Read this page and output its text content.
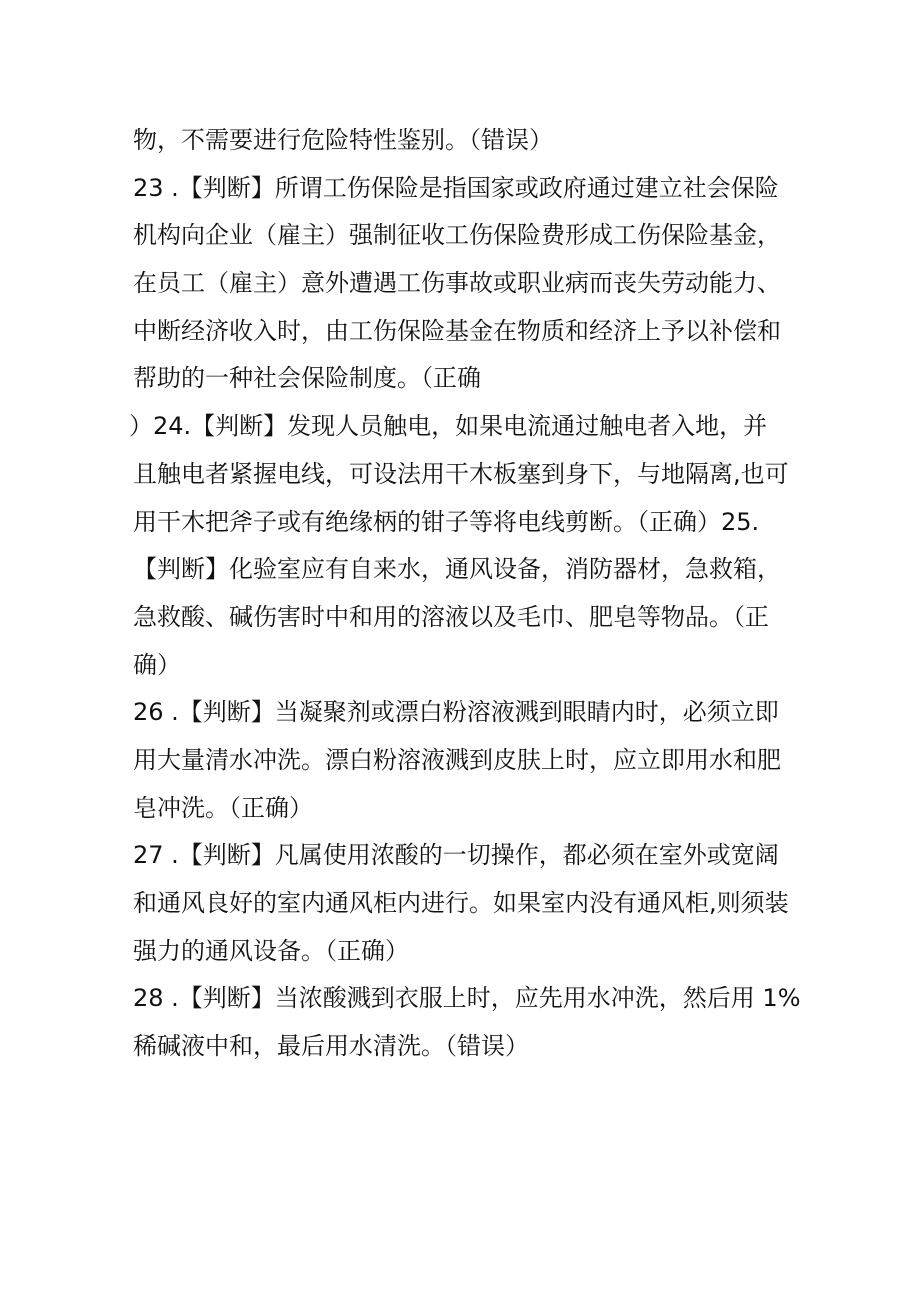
物，不需要进行危险特性鉴别。（错误）
23 .【判断】所谓工伤保险是指国家或政府通过建立社会保险
机构向企业（雇主）强制征收工伤保险费形成工伤保险基金，
在员工（雇主）意外遭遇工伤事故或职业病而丧失劳动能力、
中断经济收入时，由工伤保险基金在物质和经济上予以补偿和
帮助的一种社会保险制度。（正确
）24.【判断】发现人员触电，如果电流通过触电者入地，并
且触电者紧握电线，可设法用干木板塞到身下，与地隔离,也可
用干木把斧子或有绝缘柄的钳子等将电线剪断。（正确）25.
【判断】化验室应有自来水，通风设备，消防器材，急救箱，
急救酸、碱伤害时中和用的溶液以及毛巾、肥皂等物品。（正
确）
26 .【判断】当凝聚剂或漂白粉溶液溅到眼睛内时，必须立即
用大量清水冲洗。漂白粉溶液溅到皮肤上时，应立即用水和肥
皂冲洗。（正确）
27 .【判断】凡属使用浓酸的一切操作，都必须在室外或宽阔
和通风良好的室内通风柜内进行。如果室内没有通风柜,则须装
强力的通风设备。（正确）
28 .【判断】当浓酸溅到衣服上时，应先用水冲洗，然后用 1%
稀碱液中和，最后用水清洗。（错误）
